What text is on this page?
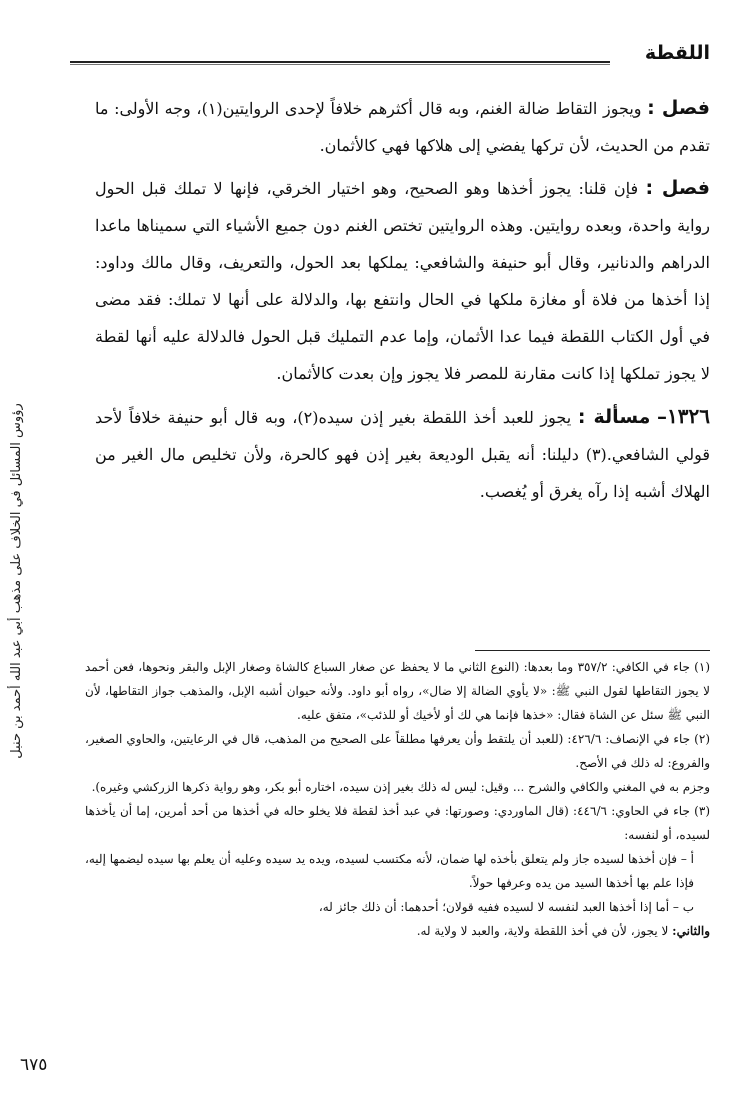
اللقطة
رؤوس المسائل في الخلاف على مذهب أبي عبد الله أحمد بن حنبل

فصل : ويجوز التقاط ضالة الغنم، وبه قال أكثرهم خلافاً لإحدى الروايتين(١)، وجه الأولى: ما تقدم من الحديث، لأن تركها يفضي إلى هلاكها فهي كالأثمان.

فصل : فإن قلنا: يجوز أخذها وهو الصحيح، وهو اختيار الخرقي، فإنها لا تملك قبل الحول رواية واحدة، وبعده روايتين. وهذه الروايتين تختص الغنم دون جميع الأشياء التي سميناها ماعدا الدراهم والدنانير، وقال أبو حنيفة والشافعي: يملكها بعد الحول، والتعريف، وقال مالك وداود: إذا أخذها من فلاة أو مغازة ملكها في الحال وانتفع بها، والدلالة على أنها لا تملك: فقد مضى في أول الكتاب اللقطة فيما عدا الأثمان، وإما عدم التمليك قبل الحول فالدلالة عليه أنها لقطة لا يجوز تملكها إذا كانت مقارنة للمصر فلا يجوز وإن بعدت كالأثمان.

١٣٢٦– مسألة : يجوز للعبد أخذ اللقطة بغير إذن سيده(٢)، وبه قال أبو حنيفة خلافاً لأحد قولي الشافعي.(٣) دليلنا: أنه يقبل الوديعة بغير إذن فهو كالحرة، ولأن تخليص مال الغير من الهلاك أشبه إذا رآه يغرق أو يُغصب.

(١) جاء في الكافي: ٣٥٧/٢ وما بعدها: (النوع الثاني ما لا يحفظ عن صغار السباع كالشاة وصغار الإبل والبقر ونحوها، فعن أحمد لا يجوز التقاطها لقول النبي ﷺ: «لا يأوي الضالة إلا ضال»، رواه أبو داود. ولأنه حيوان أشبه الإبل، والمذهب جواز التقاطها، لأن النبي ﷺ سئل عن الشاة فقال: «خذها فإنما هي لك أو لأخيك أو للذئب»، متفق عليه.

(٢) جاء في الإنصاف: ٤٢٦/٦: (للعبد أن يلتقط وأن يعرفها مطلقاً على الصحيح من المذهب، قال في الرعايتين، والحاوي الصغير، والفروع: له ذلك في الأصح.

وجزم به في المغني والكافي والشرح ... وقيل: ليس له ذلك بغير إذن سيده، اختاره أبو بكر، وهو رواية ذكرها الزركشي وغيره).

(٣) جاء في الحاوي: ٤٤٦/٦: (قال الماوردي: وصورتها: في عبد أخذ لقطة فلا يخلو حاله في أخذها من أحد أمرين، إما أن يأخذها لسيده، أو لنفسه:

أ – فإن أخذها لسيده جاز ولم يتعلق بأخذه لها ضمان، لأنه مكتسب لسيده، ويده يد سيده وعليه أن يعلم بها سيده ليضمها إليه، فإذا علم بها أخذها السيد من يده وعرفها حولاً.

ب – أما إذا أخذها العبد لنفسه لا لسيده ففيه قولان؛ أحدهما: أن ذلك جائز له،

والثاني: لا يجوز، لأن في أخذ اللقطة ولاية، والعبد لا ولاية له.

٦٧٥
